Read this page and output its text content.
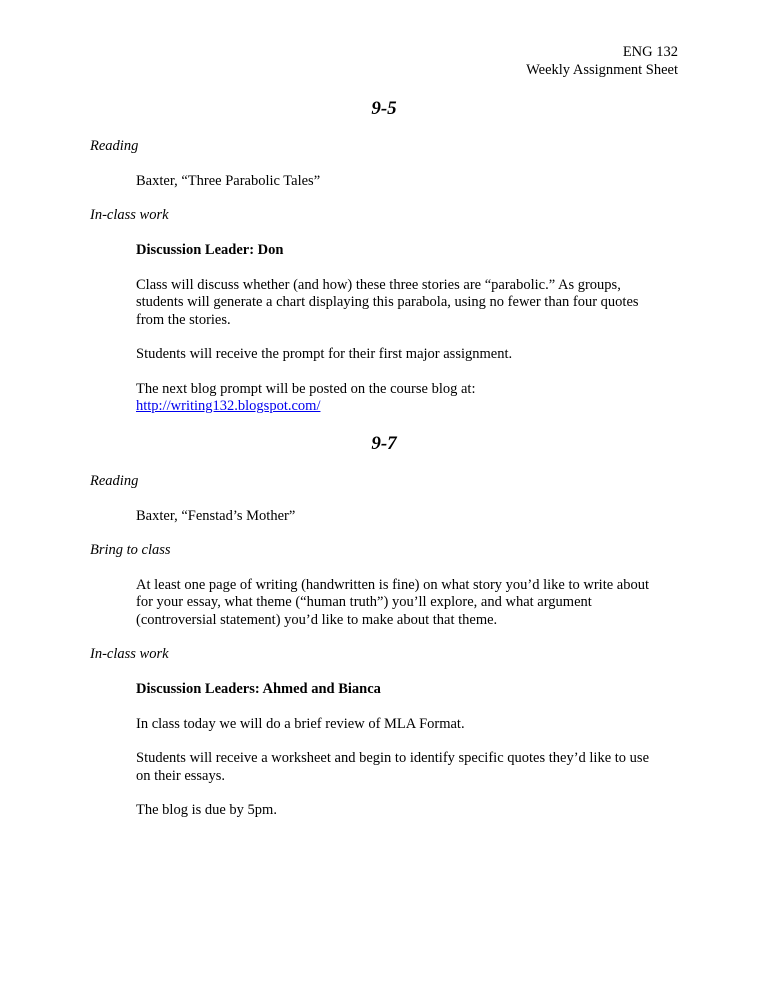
ENG 132
Weekly Assignment Sheet
9-5
Reading
Baxter, “Three Parabolic Tales”
In-class work
Discussion Leader: Don
Class will discuss whether (and how) these three stories are “parabolic.” As groups,
students will generate a chart displaying this parabola, using no fewer than four quotes
from the stories.
Students will receive the prompt for their first major assignment.
The next blog prompt will be posted on the course blog at:
http://writing132.blogspot.com/
9-7
Reading
Baxter, “Fenstad’s Mother”
Bring to class
At least one page of writing (handwritten is fine) on what story you’d like to write about
for your essay, what theme (“human truth”) you’ll explore, and what argument
(controversial statement) you’d like to make about that theme.
In-class work
Discussion Leaders: Ahmed and Bianca
In class today we will do a brief review of MLA Format.
Students will receive a worksheet and begin to identify specific quotes they’d like to use
on their essays.
The blog is due by 5pm.
